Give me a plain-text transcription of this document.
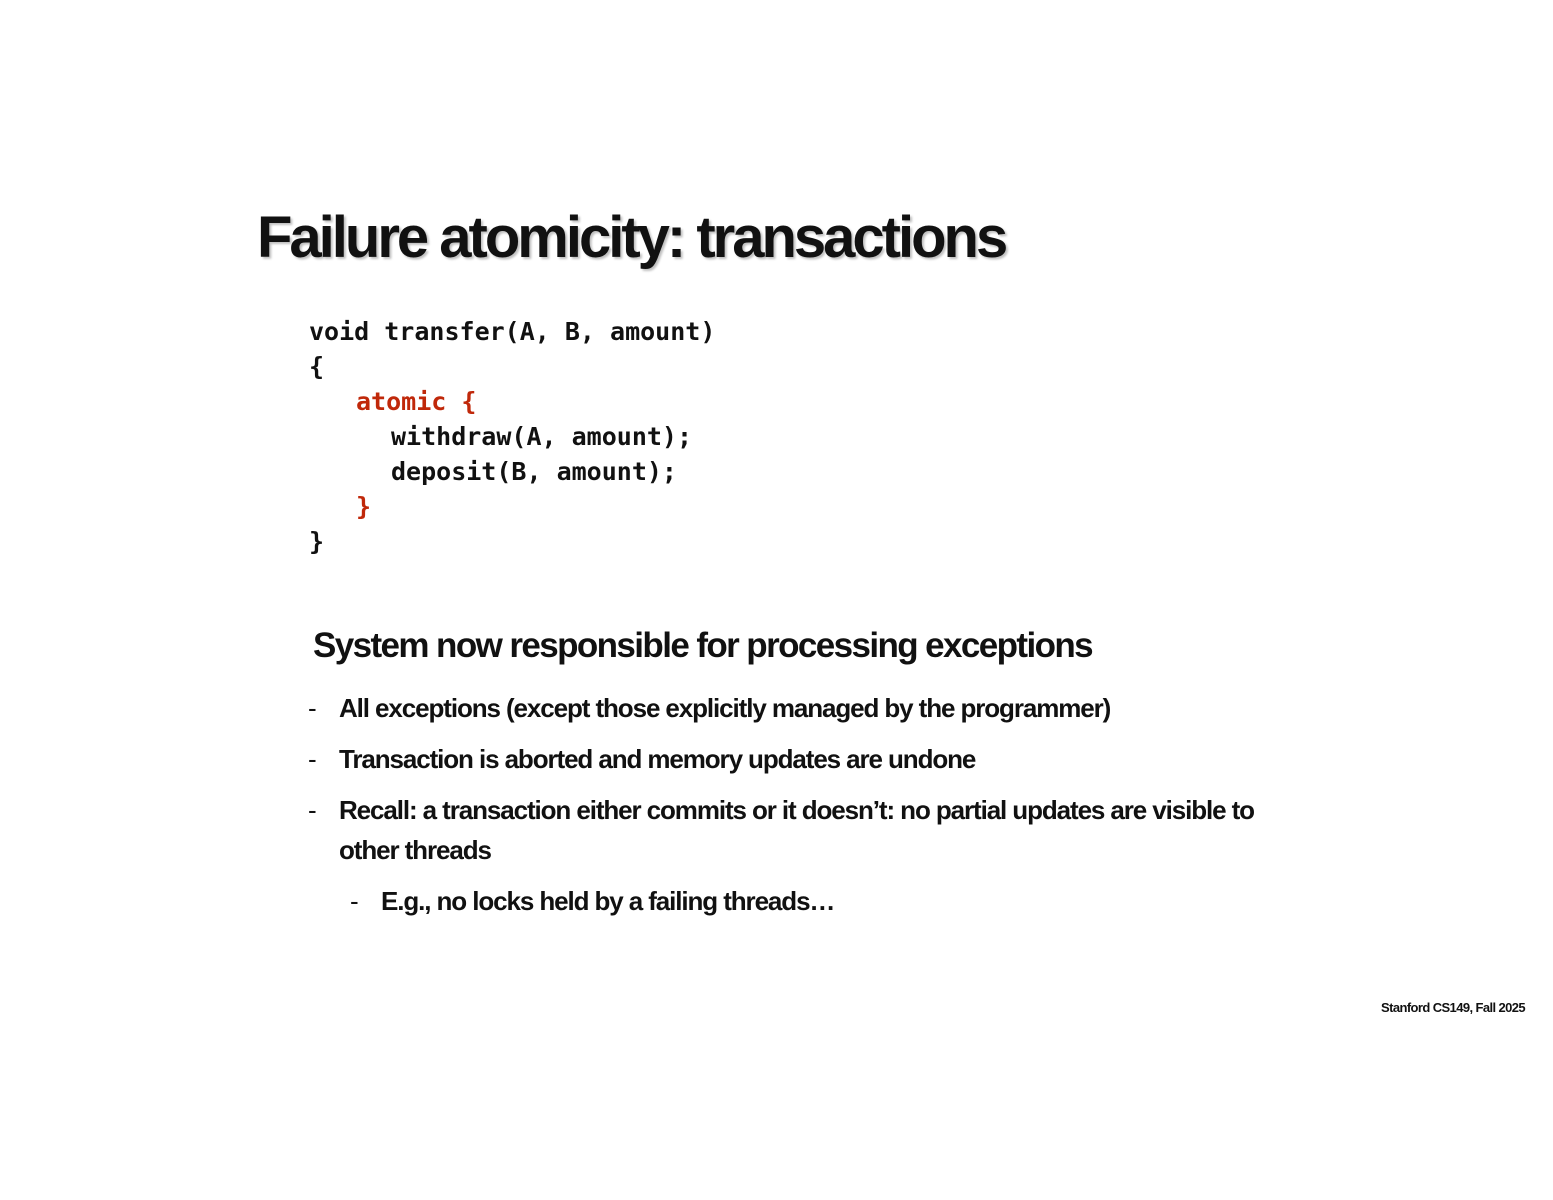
Failure atomicity: transactions
void transfer(A, B, amount)
{
atomic {
withdraw(A, amount);
deposit(B, amount);
}
}
System now responsible for processing exceptions
- All exceptions (except those explicitly managed by the programmer)
- Transaction is aborted and memory updates are undone
- Recall: a transaction either commits or it doesn’t: no partial updates are visible to other threads
- E.g., no locks held by a failing threads…
Stanford CS149, Fall 2025
